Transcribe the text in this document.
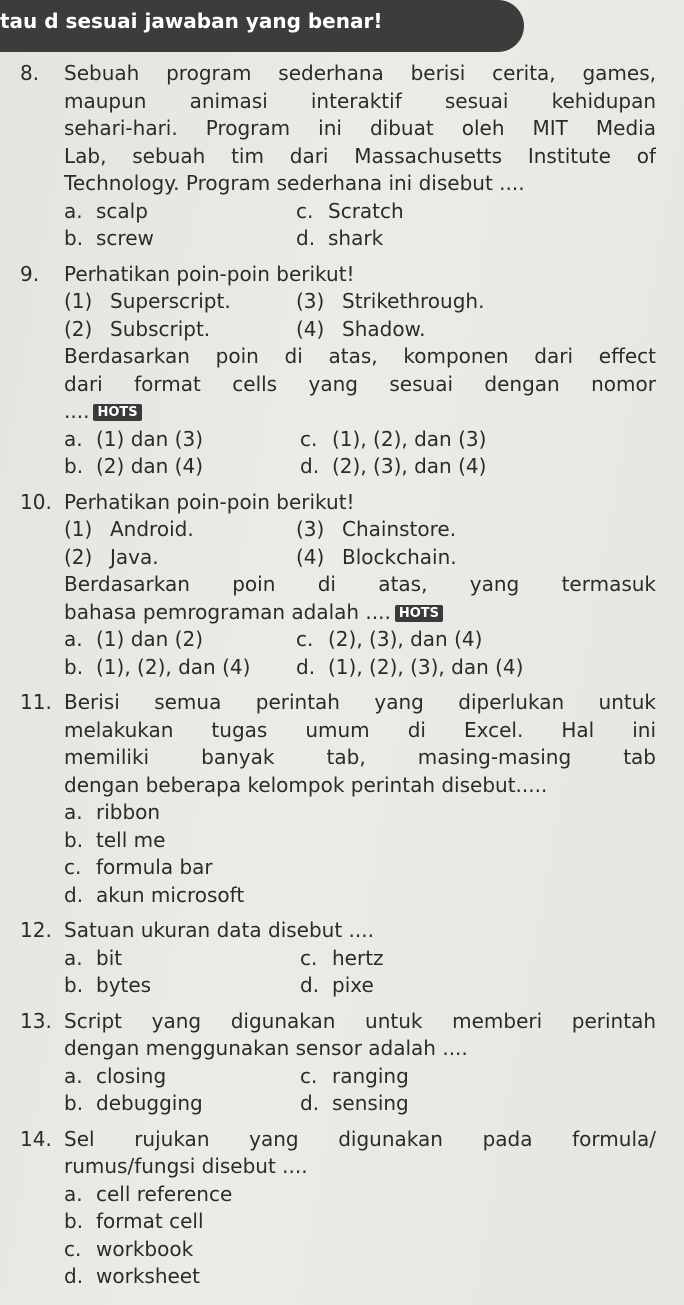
tau d sesuai jawaban yang benar!
8. Sebuah program sederhana berisi cerita, games,
maupun animasi interaktif sesuai kehidupan
sehari-hari. Program ini dibuat oleh MIT Media
Lab, sebuah tim dari Massachusetts Institute of
Technology. Program sederhana ini disebut ....
a. scalp	c. Scratch
b. screw	d. shark
9. Perhatikan poin-poin berikut!
(1) Superscript.	(3) Strikethrough.
(2) Subscript.	(4) Shadow.
Berdasarkan poin di atas, komponen dari effect
dari format cells yang sesuai dengan nomor
.... HOTS
a. (1) dan (3)	c. (1), (2), dan (3)
b. (2) dan (4)	d. (2), (3), dan (4)
10. Perhatikan poin-poin berikut!
(1) Android.	(3) Chainstore.
(2) Java.	(4) Blockchain.
Berdasarkan poin di atas, yang termasuk
bahasa pemrograman adalah .... HOTS
a. (1) dan (2)	c. (2), (3), dan (4)
b. (1), (2), dan (4) d. (1), (2), (3), dan (4)
11. Berisi semua perintah yang diperlukan untuk
melakukan tugas umum di Excel. Hal ini
memiliki banyak tab, masing-masing tab
dengan beberapa kelompok perintah disebut.....
a. ribbon
b. tell me
c. formula bar
d. akun microsoft
12. Satuan ukuran data disebut ....
a. bit	c. hertz
b. bytes	d. pixe
13. Script yang digunakan untuk memberi perintah
dengan menggunakan sensor adalah ....
a. closing	c. ranging
b. debugging	d. sensing
14. Sel rujukan yang digunakan pada formula/
rumus/fungsi disebut ....
a. cell reference
b. format cell
c. workbook
d. worksheet
